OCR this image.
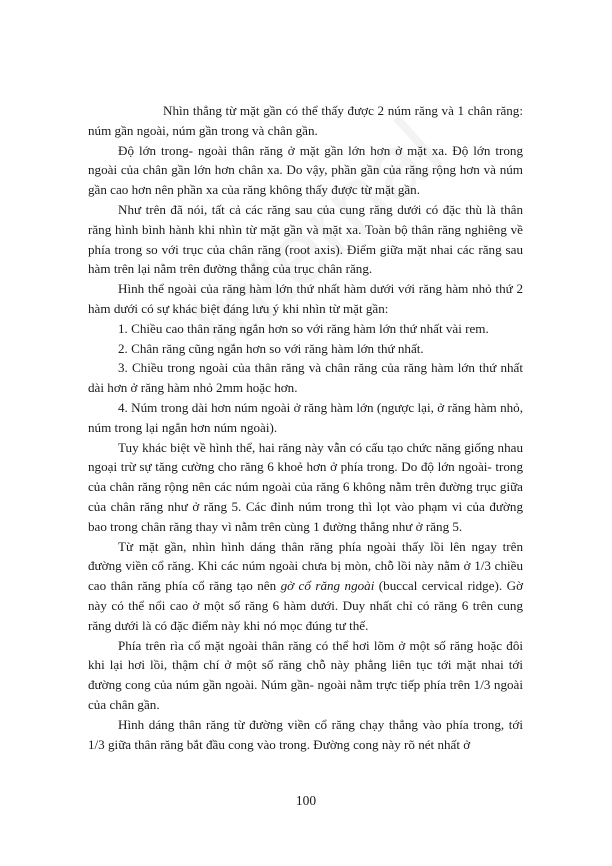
Nhìn thẳng từ mặt gần có thể thấy được 2 núm răng và 1 chân răng: núm gần ngoài, núm gần trong và chân gần.

Độ lớn trong- ngoài thân răng ở mặt gần lớn hơn ở mặt xa. Độ lớn trong ngoài của chân gần lớn hơn chân xa. Do vậy, phần gần của răng rộng hơn và núm gần cao hơn nên phần xa của răng không thấy được từ mặt gần.

Như trên đã nói, tất cả các răng sau của cung răng dưới có đặc thù là thân răng hình bình hành khi nhìn từ mặt gần và mặt xa. Toàn bộ thân răng nghiêng về phía trong so với trục của chân răng (root axis). Điểm giữa mặt nhai các răng sau hàm trên lại nằm trên đường thẳng của trục chân răng.

Hình thể ngoài của răng hàm lớn thứ nhất hàm dưới với răng hàm nhỏ thứ 2 hàm dưới có sự khác biệt đáng lưu ý khi nhìn từ mặt gần:

1. Chiều cao thân răng ngắn hơn so với răng hàm lớn thứ nhất vài rem.

2. Chân răng cũng ngắn hơn so với răng hàm lớn thứ nhất.

3. Chiều trong ngoài của thân răng và chân răng của răng hàm lớn thứ nhất dài hơn ở răng hàm nhỏ 2mm hoặc hơn.

4. Núm trong dài hơn núm ngoài ở răng hàm lớn (ngược lại, ở răng hàm nhỏ, núm trong lại ngắn hơn núm ngoài).

Tuy khác biệt về hình thể, hai răng này vẫn có cấu tạo chức năng giống nhau ngoại trừ sự tăng cường cho răng 6 khoẻ hơn ở phía trong. Do độ lớn ngoài- trong của chân răng rộng nên các núm ngoài của răng 6 không nằm trên đường trục giữa của chân răng như ở răng 5. Các đỉnh núm trong thì lọt vào phạm vi của đường bao trong chân răng thay vì nằm trên cùng 1 đường thẳng như ở răng 5.

Từ mặt gần, nhìn hình dáng thân răng phía ngoài thấy lồi lên ngay trên đường viền cổ răng. Khi các núm ngoài chưa bị mòn, chỗ lồi này nằm ở 1/3 chiều cao thân răng phía cổ răng tạo nên gờ cổ răng ngoài (buccal cervical ridge). Gờ này có thể nổi cao ở một số răng 6 hàm dưới. Duy nhất chỉ có răng 6 trên cung răng dưới là có đặc điểm này khi nó mọc đúng tư thế.

Phía trên rìa cổ mặt ngoài thân răng có thể hơi lõm ở một số răng hoặc đôi khi lại hơi lồi, thậm chí ở một số răng chỗ này phẳng liên tục tới mặt nhai tới đường cong của núm gần ngoài. Núm gần- ngoài nằm trực tiếp phía trên 1/3 ngoài của chân gần.

Hình dáng thân răng từ đường viền cổ răng chạy thẳng vào phía trong, tới 1/3 giữa thân răng bắt đầu cong vào trong. Đường cong này rõ nét nhất ở

100
